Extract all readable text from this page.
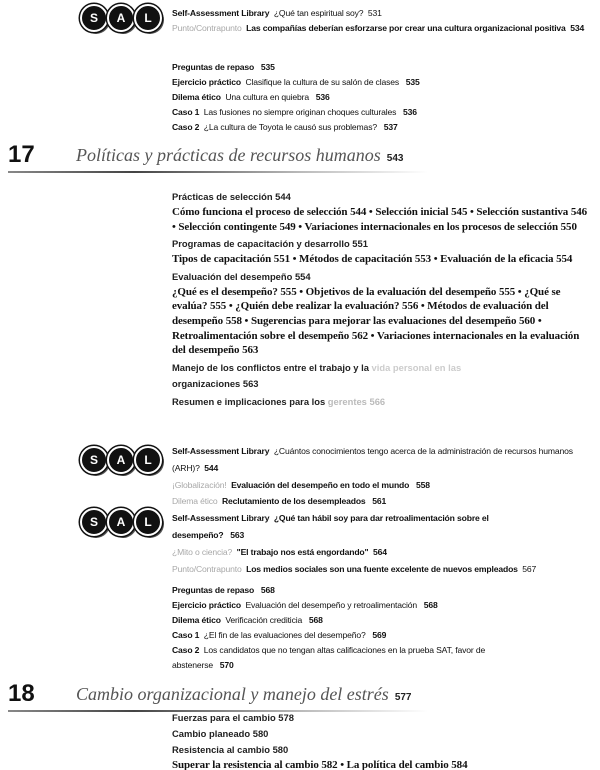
S	A	L	Self-Assessment Library ¿Qué tan espiritual soy? 531
Punto/Contrapunto Las compañías deberían esforzarse por crear una cultura organizacional positiva 534
Preguntas de repaso 535
Ejercicio práctico Clasifique la cultura de su salón de clases 535
Dilema ético Una cultura en quiebra 536
Caso 1 Las fusiones no siempre originan choques culturales 536
Caso 2 ¿La cultura de Toyota le causó sus problemas? 537
17 Políticas y prácticas de recursos humanos 543
Prácticas de selección 544
Cómo funciona el proceso de selección 544 • Selección inicial 545 • Selección sustantiva 546 • Selección contingente 549 • Variaciones internacionales en los procesos de selección 550
Programas de capacitación y desarrollo 551
Tipos de capacitación 551 • Métodos de capacitación 553 • Evaluación de la eficacia 554
Evaluación del desempeño 554
¿Qué es el desempeño? 555 • Objetivos de la evaluación del desempeño 555 • ¿Qué se evalúa? 555 • ¿Quién debe realizar la evaluación? 556 • Métodos de evaluación del desempeño 558 • Sugerencias para mejorar las evaluaciones del desempeño 560 • Retroalimentación sobre el desempeño 562 • Variaciones internacionales en la evaluación del desempeño 563
Manejo de los conflictos entre el trabajo y la vida personal en las
organizaciones 563
Resumen e implicaciones para los gerentes 566
S	A	L
S	A	L
Self-Assessment Library ¿Cuántos conocimientos tengo acerca de la administración de recursos humanos (ARH)? 544
¡Globalización! Evaluación del desempeño en todo el mundo 558
Dilema ético Reclutamiento de los desempleados 561
Self-Assessment Library ¿Qué tan hábil soy para dar retroalimentación sobre el desempeño? 563
¿Mito o ciencia? "El trabajo nos está engordando" 564
Punto/Contrapunto Los medios sociales son una fuente excelente de nuevos empleados 567
Preguntas de repaso 568
Ejercicio práctico Evaluación del desempeño y retroalimentación 568
Dilema ético Verificación crediticia 568
Caso 1 ¿El fin de las evaluaciones del desempeño? 569
Caso 2 Los candidatos que no tengan altas calificaciones en la prueba SAT, favor de abstenerse 570
18 Cambio organizacional y manejo del estrés 577
Fuerzas para el cambio 578
Cambio planeado 580
Resistencia al cambio 580
Superar la resistencia al cambio 582 • La política del cambio 584
